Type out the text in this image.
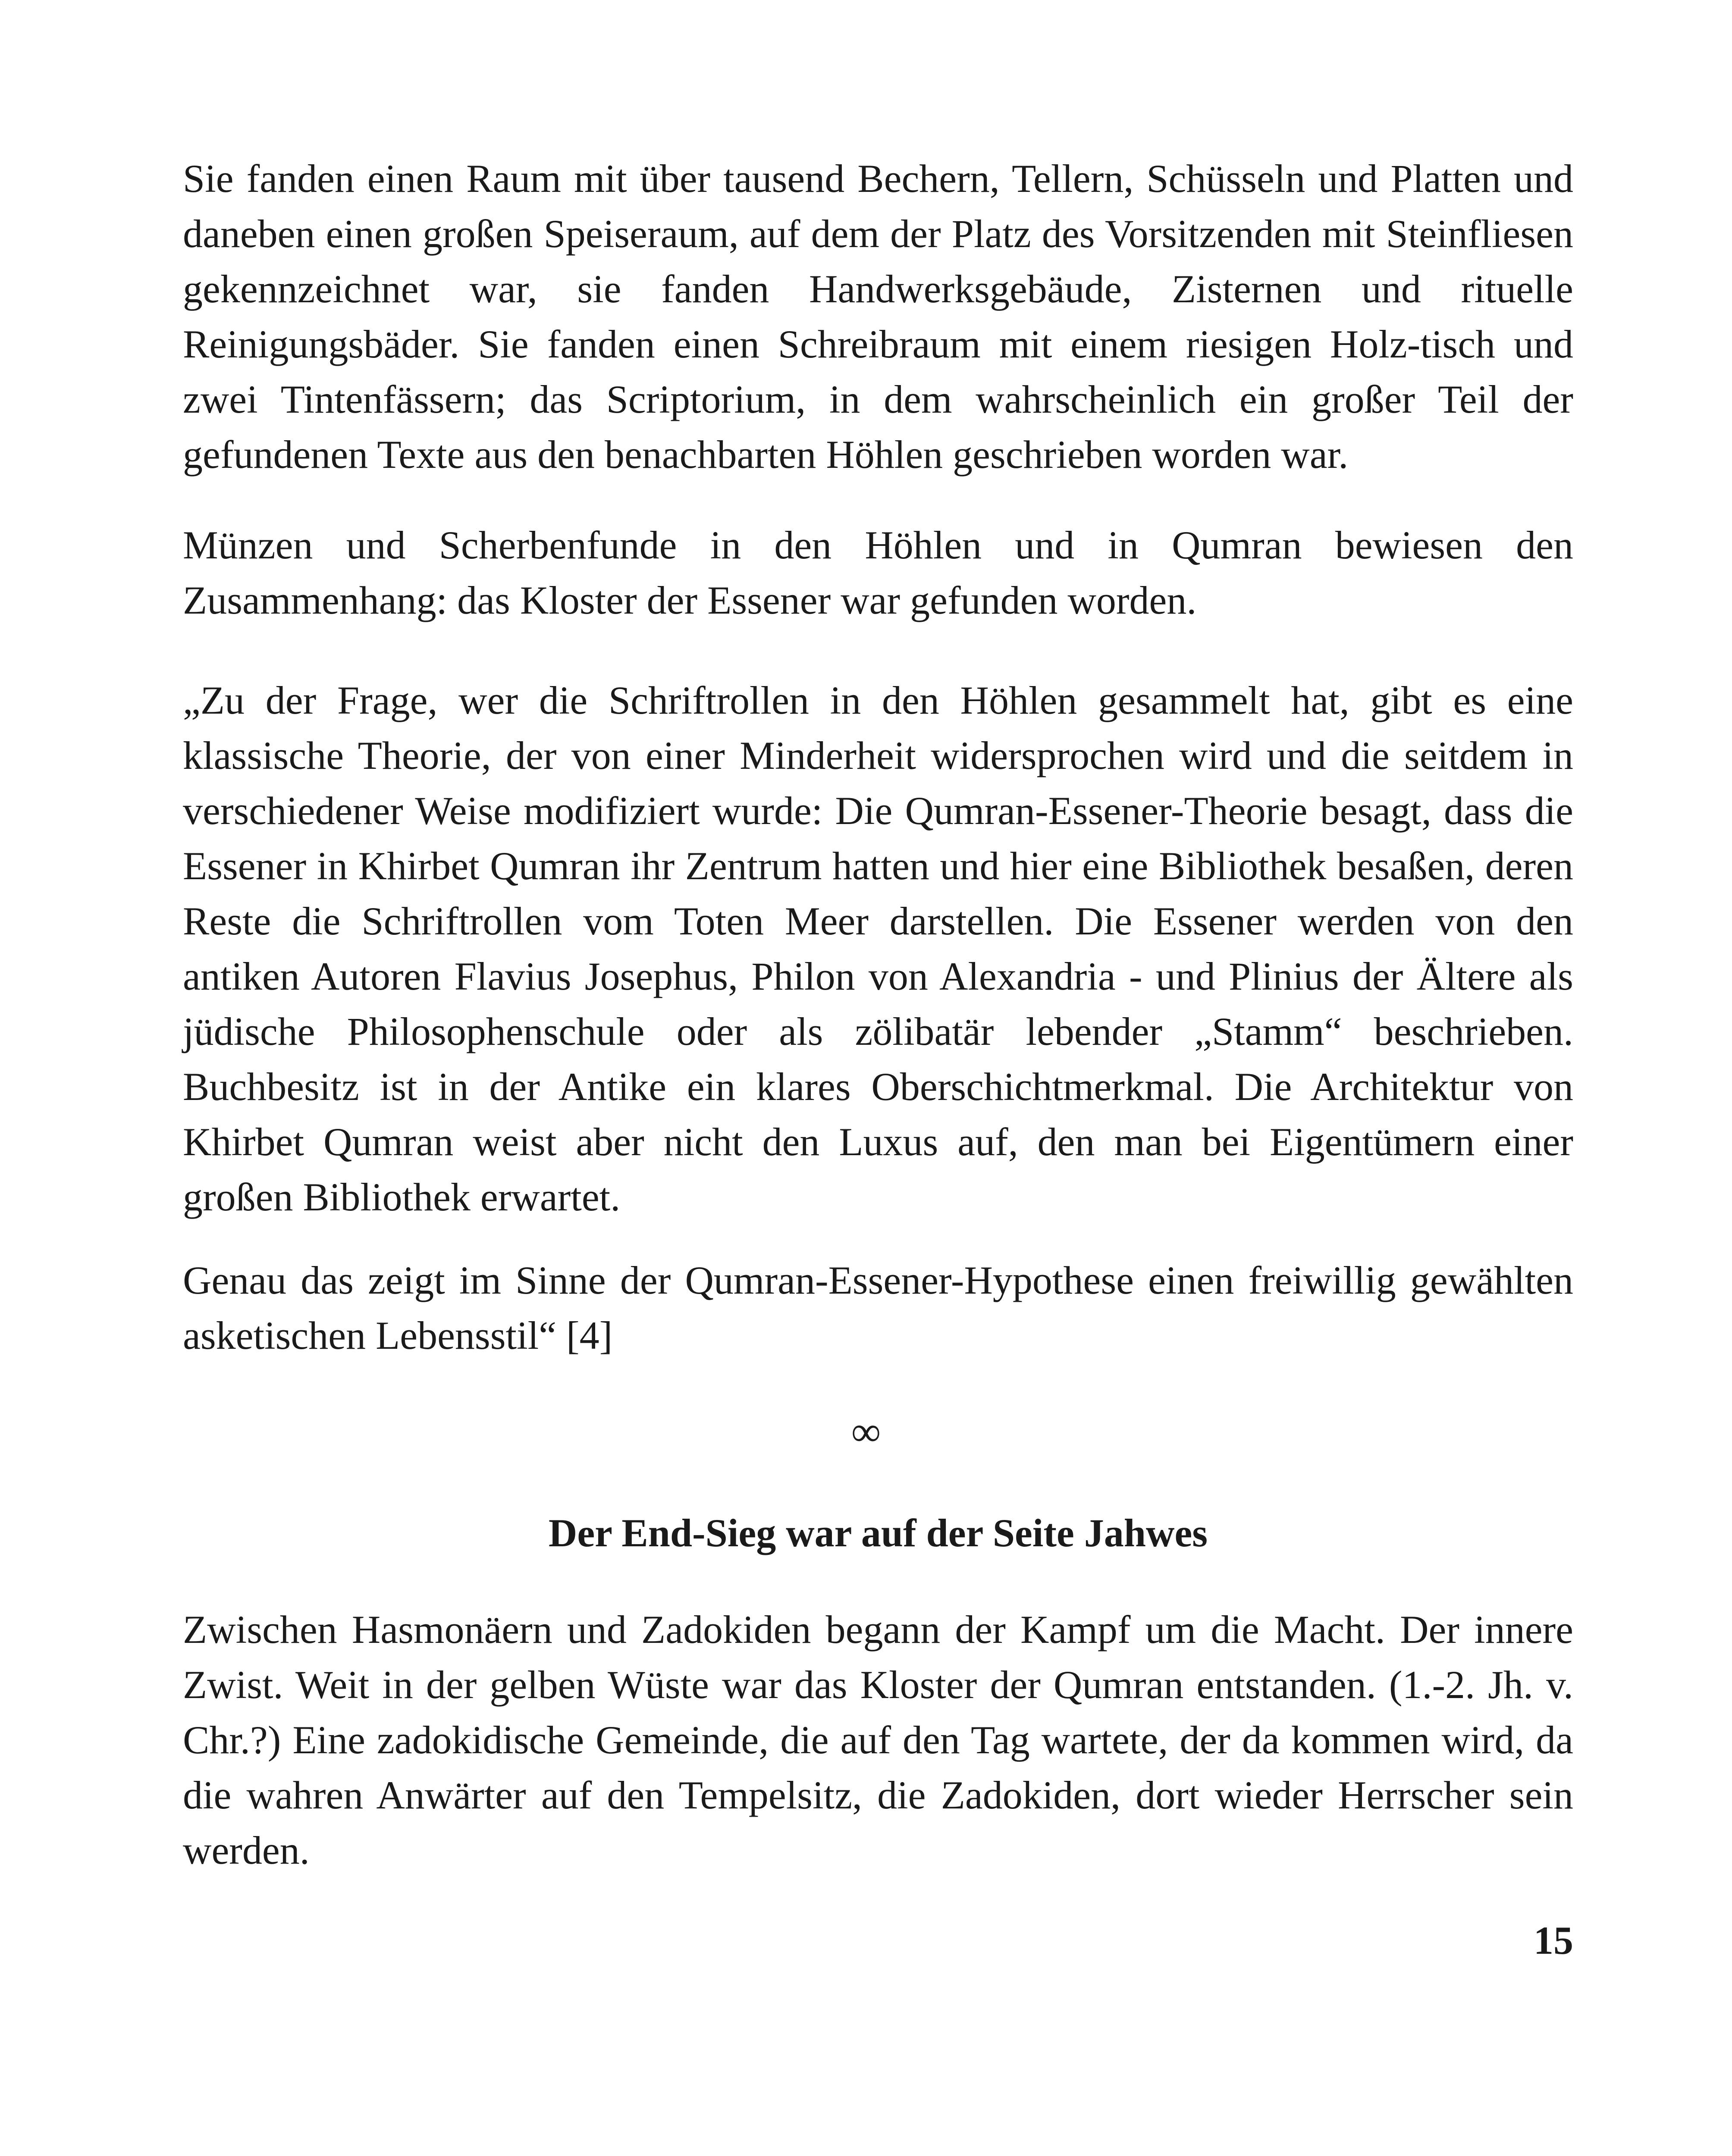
Sie fanden einen Raum mit über tausend Bechern, Tellern, Schüsseln und Platten und daneben einen großen Speiseraum, auf dem der Platz des Vorsitzenden mit Steinfliesen gekennzeichnet war, sie fanden Handwerksgebäude, Zisternen und rituelle Reinigungsbäder. Sie fanden einen Schreibraum mit einem riesigen Holz-tisch und zwei Tintenfässern; das Scriptorium, in dem wahrscheinlich ein großer Teil der gefundenen Texte aus den benachbarten Höhlen geschrieben worden war.

Münzen und Scherbenfunde in den Höhlen und in Qumran bewiesen den Zusammenhang: das Kloster der Essener war gefunden worden.

„Zu der Frage, wer die Schriftrollen in den Höhlen gesammelt hat, gibt es eine klassische Theorie, der von einer Minderheit widersprochen wird und die seitdem in verschiedener Weise modifiziert wurde: Die Qumran-Essener-Theorie besagt, dass die Essener in Khirbet Qumran ihr Zentrum hatten und hier eine Bibliothek besaßen, deren Reste die Schriftrollen vom Toten Meer darstellen. Die Essener werden von den antiken Autoren Flavius Josephus, Philon von Alexandria - und Plinius der Ältere als jüdische Philosophenschule oder als zölibatär lebender „Stamm“ beschrieben. Buchbesitz ist in der Antike ein klares Oberschichtmerkmal. Die Architektur von Khirbet Qumran weist aber nicht den Luxus auf, den man bei Eigentümern einer großen Bibliothek erwartet.

Genau das zeigt im Sinne der Qumran-Essener-Hypothese einen freiwillig gewählten asketischen Lebensstil“ [4]

∞
Der End-Sieg war auf der Seite Jahwes

Zwischen Hasmonäern und Zadokiden begann der Kampf um die Macht. Der innere Zwist. Weit in der gelben Wüste war das Kloster der Qumran entstanden. (1.-2. Jh. v. Chr.?) Eine zadokidische Gemeinde, die auf den Tag wartete, der da kommen wird, da die wahren Anwärter auf den Tempelsitz, die Zadokiden, dort wieder Herrscher sein werden.

15
